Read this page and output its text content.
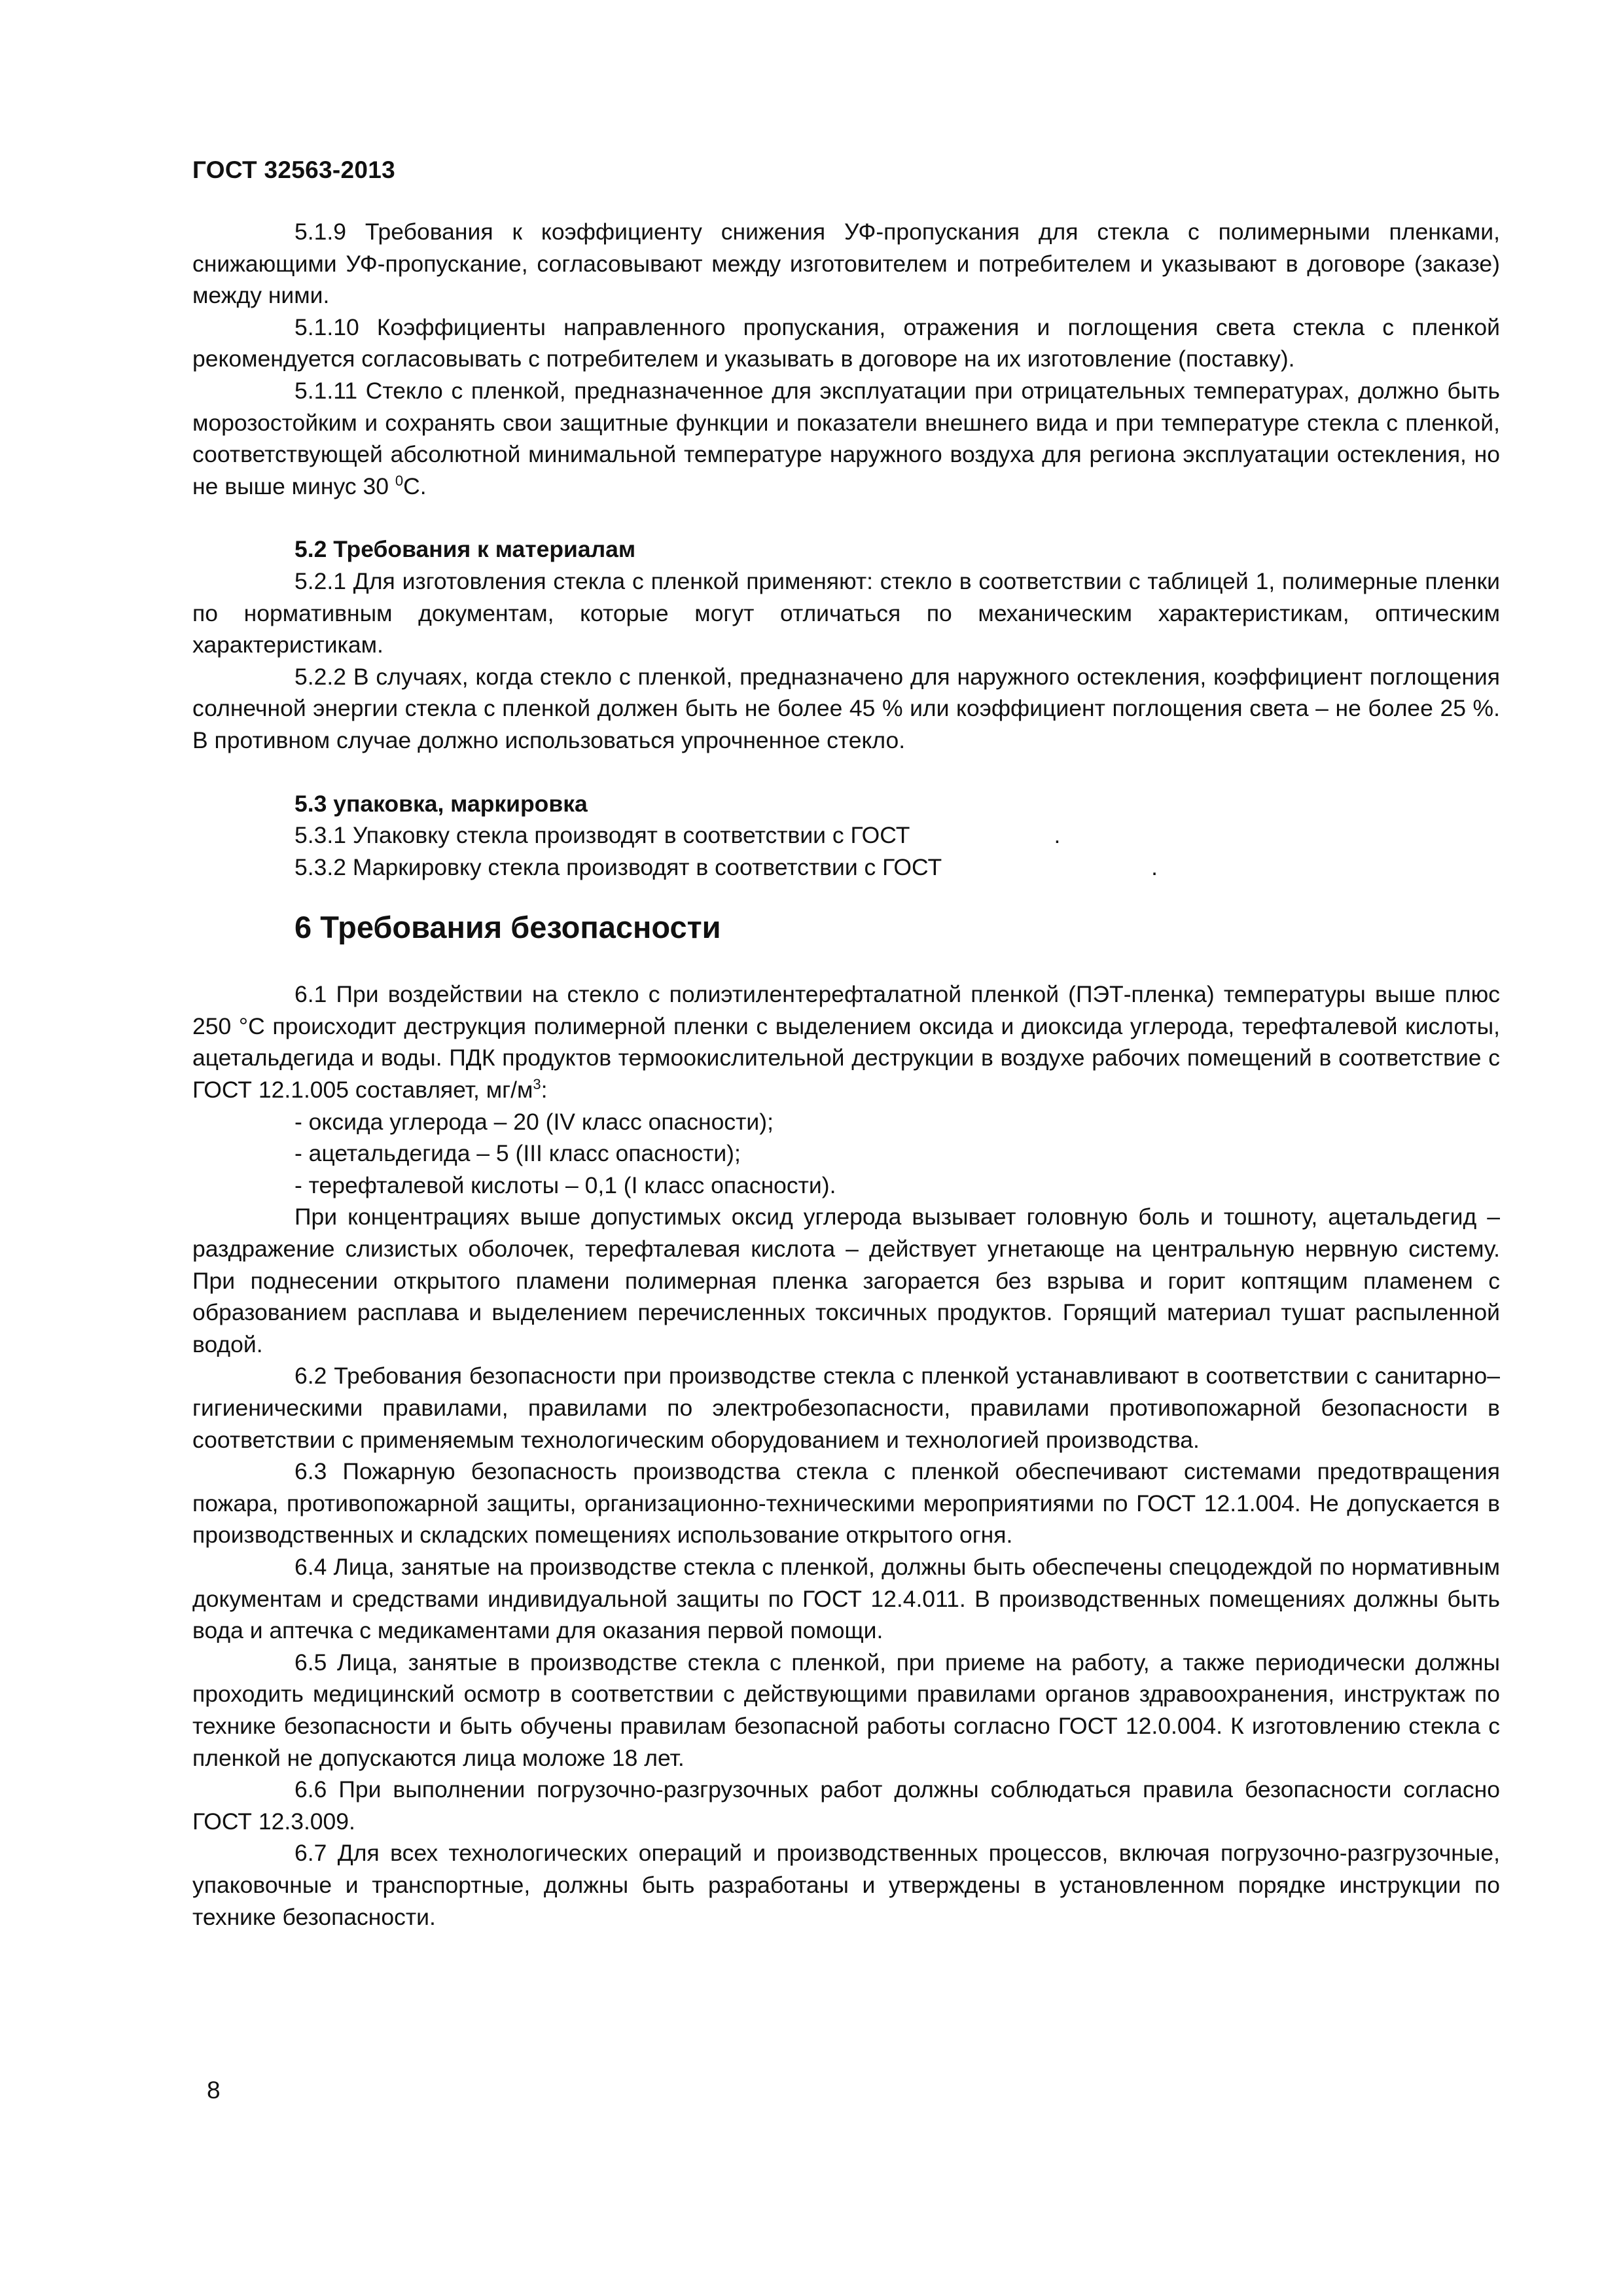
ГОСТ 32563-2013

5.1.9 Требования к коэффициенту снижения УФ-пропускания для стекла с полимерными пленками, снижающими УФ-пропускание, согласовывают между изготовителем и потребителем и указывают в договоре (заказе) между ними.

5.1.10 Коэффициенты направленного пропускания, отражения и поглощения света стекла с пленкой рекомендуется согласовывать с потребителем и указывать в договоре на их изготовление (поставку).

5.1.11 Стекло с пленкой, предназначенное для эксплуатации при отрицательных температурах, должно быть морозостойким и сохранять свои защитные функции и показатели внешнего вида и при температуре стекла с пленкой, соответствующей абсолютной минимальной температуре наружного воздуха для региона эксплуатации остекления, но не выше минус 30 $^0$С.

5.2 Требования к материалам

5.2.1 Для изготовления стекла с пленкой применяют: стекло в соответствии с таблицей 1, полимерные пленки по нормативным документам, которые могут отличаться по механическим характеристикам, оптическим характеристикам.

5.2.2 В случаях, когда стекло с пленкой, предназначено для наружного остекления, коэффициент поглощения солнечной энергии стекла с пленкой должен быть не более 45 % или коэффициент поглощения света – не более 25 %. В противном случае должно использоваться упрочненное стекло.

5.3 упаковка, маркировка
5.3.1 Упаковку стекла производят в соответствии с ГОСТ	.
5.3.2 Маркировку стекла производят в соответствии с ГОСТ	.
6 Требования безопасности

6.1 При воздействии на стекло с полиэтилентерефталатной пленкой (ПЭТ-пленка) температуры выше плюс 250 °С происходит деструкция полимерной пленки с выделением оксида и диоксида углерода, терефталевой кислоты, ацетальдегида и воды. ПДК продуктов термоокислительной деструкции в воздухе рабочих помещений в соответствие с ГОСТ 12.1.005 составляет, $мг/м^3$:

- оксида углерода – 20 (IV класс опасности);
- ацетальдегида – 5 (III класс опасности);
- терефталевой кислоты – 0,1 (I класс опасности).

При концентрациях выше допустимых оксид углерода вызывает головную боль и тошноту, ацетальдегид – раздражение слизистых оболочек, терефталевая кислота – действует угнетающе на центральную нервную систему. При поднесении открытого пламени полимерная пленка загорается без взрыва и горит коптящим пламенем с образованием расплава и выделением перечисленных токсичных продуктов. Горящий материал тушат распыленной водой.

6.2 Требования безопасности при производстве стекла с пленкой устанавливают в соответствии с санитарно–гигиеническими правилами, правилами по электробезопасности, правилами противопожарной безопасности в соответствии с применяемым технологическим оборудованием и технологией производства.

6.3 Пожарную безопасность производства стекла с пленкой обеспечивают системами предотвращения пожара, противопожарной защиты, организационно-техническими мероприятиями по ГОСТ 12.1.004. Не допускается в производственных и складских помещениях использование открытого огня.

6.4 Лица, занятые на производстве стекла с пленкой, должны быть обеспечены спецодеждой по нормативным документам и средствами индивидуальной защиты по ГОСТ 12.4.011. В производственных помещениях должны быть вода и аптечка с медикаментами для оказания первой помощи.

6.5 Лица, занятые в производстве стекла с пленкой, при приеме на работу, а также периодически должны проходить медицинский осмотр в соответствии с действующими правилами органов здравоохранения, инструктаж по технике безопасности и быть обучены правилам безопасной работы согласно ГОСТ 12.0.004. К изготовлению стекла с пленкой не допускаются лица моложе 18 лет.

6.6 При выполнении погрузочно-разгрузочных работ должны соблюдаться правила безопасности согласно ГОСТ 12.3.009.

6.7 Для всех технологических операций и производственных процессов, включая погрузочно-разгрузочные, упаковочные и транспортные, должны быть разработаны и утверждены в установленном порядке инструкции по технике безопасности.

8
